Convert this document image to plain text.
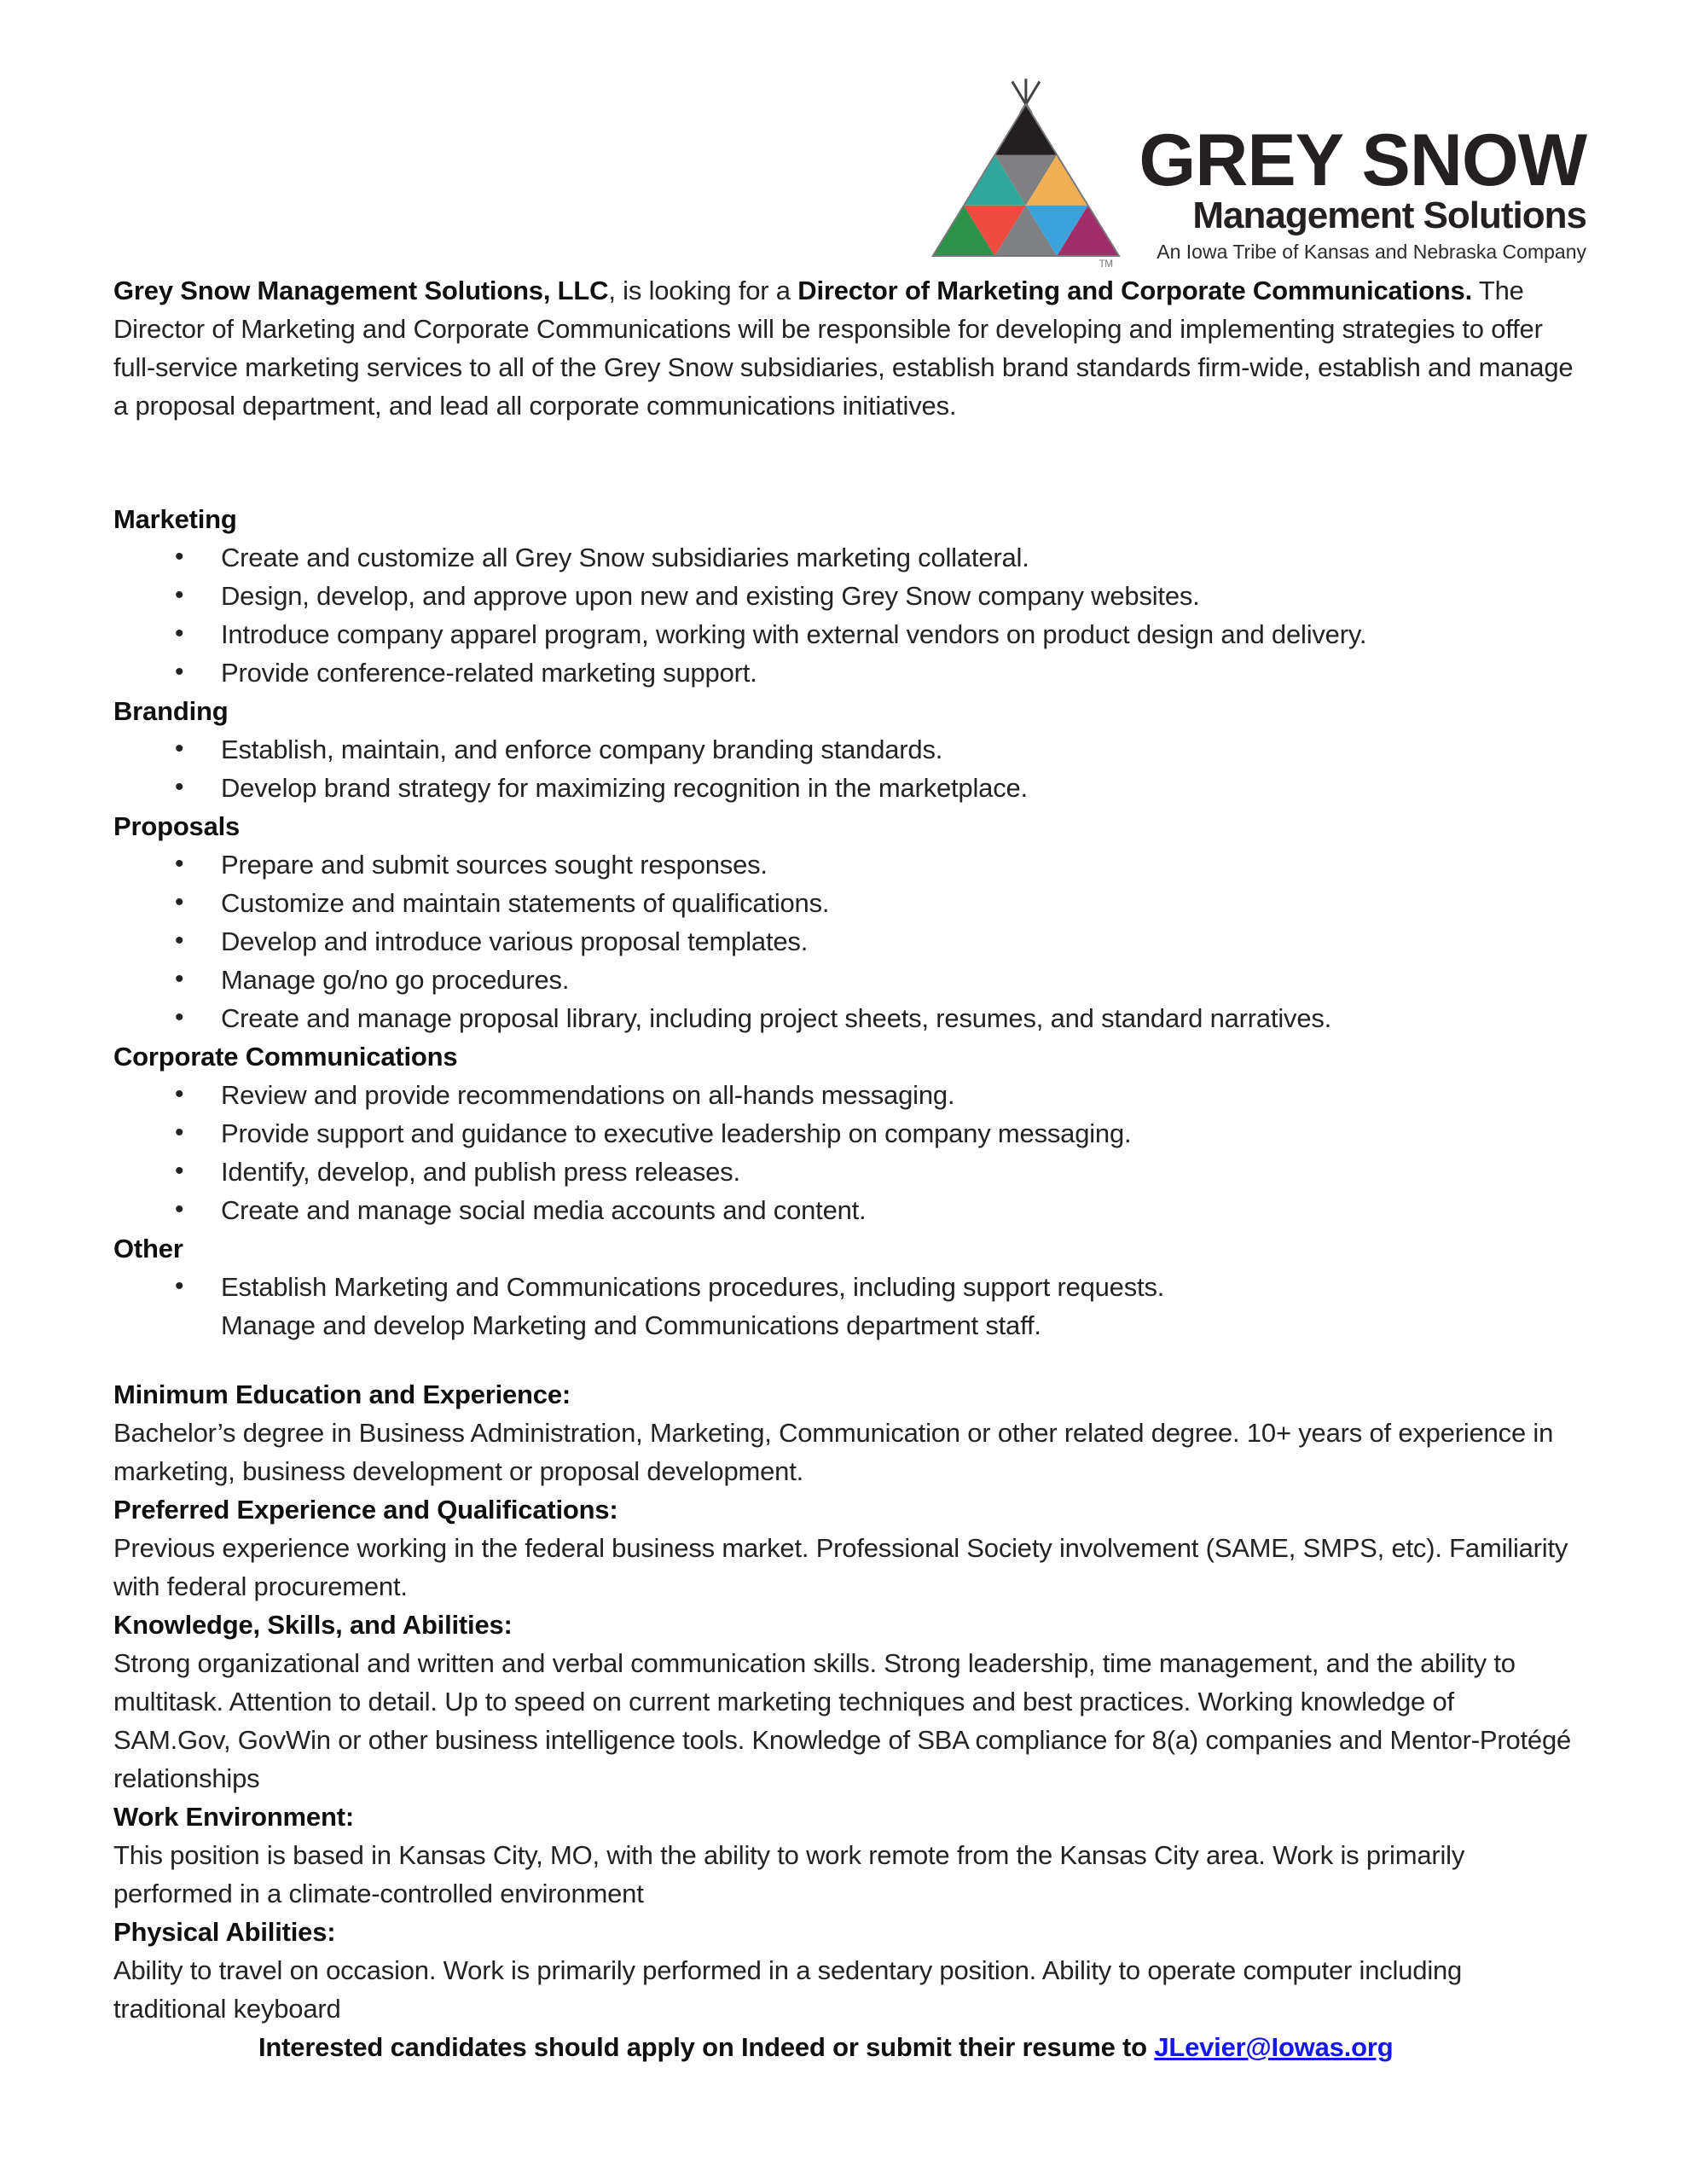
TM
GREY SNOW
Management Solutions
An Iowa Tribe of Kansas and Nebraska Company

Grey Snow Management Solutions, LLC, is looking for a Director of Marketing and Corporate Communications. The Director of Marketing and Corporate Communications will be responsible for developing and implementing strategies to offer full-service marketing services to all of the Grey Snow subsidiaries, establish brand standards firm-wide, establish and manage a proposal department, and lead all corporate communications initiatives.

Marketing
• Create and customize all Grey Snow subsidiaries marketing collateral.
• Design, develop, and approve upon new and existing Grey Snow company websites.
• Introduce company apparel program, working with external vendors on product design and delivery.
• Provide conference-related marketing support.
Branding
• Establish, maintain, and enforce company branding standards.
• Develop brand strategy for maximizing recognition in the marketplace.
Proposals
• Prepare and submit sources sought responses.
• Customize and maintain statements of qualifications.
• Develop and introduce various proposal templates.
• Manage go/no go procedures.
• Create and manage proposal library, including project sheets, resumes, and standard narratives.
Corporate Communications
• Review and provide recommendations on all-hands messaging.
• Provide support and guidance to executive leadership on company messaging.
• Identify, develop, and publish press releases.
• Create and manage social media accounts and content.
Other
• Establish Marketing and Communications procedures, including support requests.

Manage and develop Marketing and Communications department staff.

Minimum Education and Experience:

Bachelor’s degree in Business Administration, Marketing, Communication or other related degree. 10+ years of experience in marketing, business development or proposal development.

Preferred Experience and Qualifications:

Previous experience working in the federal business market. Professional Society involvement (SAME, SMPS, etc). Familiarity with federal procurement.

Knowledge, Skills, and Abilities:

Strong organizational and written and verbal communication skills. Strong leadership, time management, and the ability to multitask. Attention to detail. Up to speed on current marketing techniques and best practices. Working knowledge of SAM.Gov, GovWin or other business intelligence tools. Knowledge of SBA compliance for 8(a) companies and Mentor-Protégé relationships

Work Environment:

This position is based in Kansas City, MO, with the ability to work remote from the Kansas City area. Work is primarily performed in a climate-controlled environment

Physical Abilities:

Ability to travel on occasion. Work is primarily performed in a sedentary position. Ability to operate computer including traditional keyboard

Interested candidates should apply on Indeed or submit their resume to JLevier@Iowas.org
